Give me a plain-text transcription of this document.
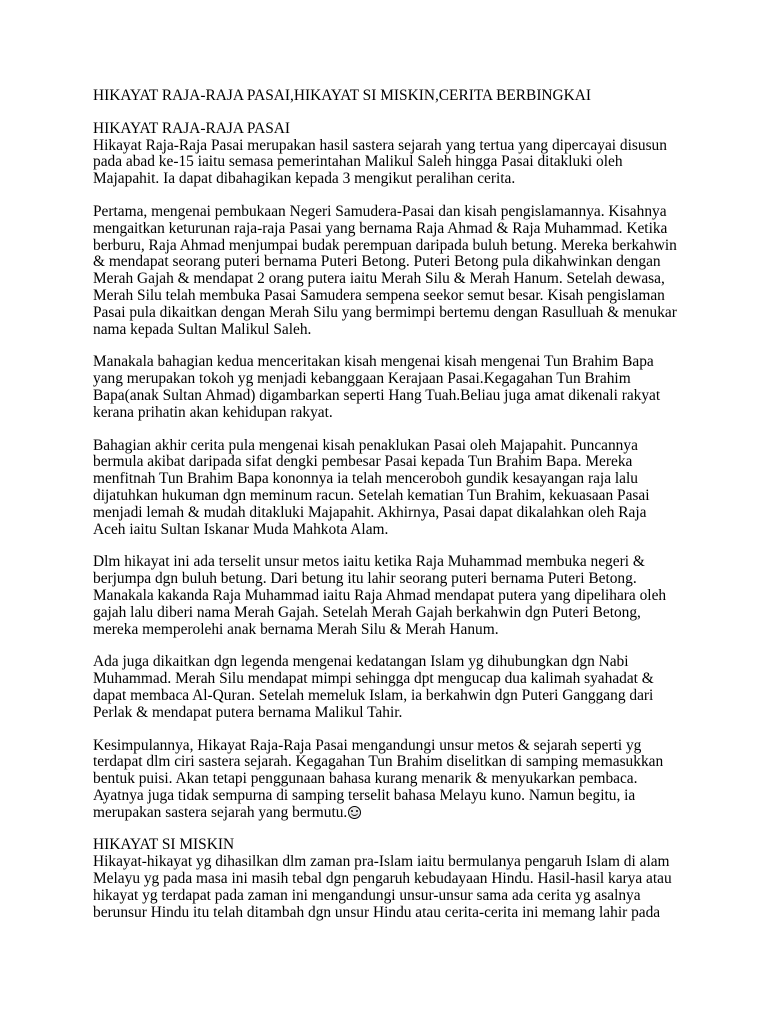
HIKAYAT RAJA-RAJA PASAI,HIKAYAT SI MISKIN,CERITA BERBINGKAI

HIKAYAT RAJA-RAJA PASAI

Hikayat Raja-Raja Pasai merupakan hasil sastera sejarah yang tertua yang dipercayai disusun pada abad ke-15 iaitu semasa pemerintahan Malikul Saleh hingga Pasai ditakluki oleh Majapahit. Ia dapat dibahagikan kepada 3 mengikut peralihan cerita.

Pertama, mengenai pembukaan Negeri Samudera-Pasai dan kisah pengislamannya. Kisahnya mengaitkan keturunan raja-raja Pasai yang bernama Raja Ahmad & Raja Muhammad. Ketika berburu, Raja Ahmad menjumpai budak perempuan daripada buluh betung. Mereka berkahwin & mendapat seorang puteri bernama Puteri Betong. Puteri Betong pula dikahwinkan dengan Merah Gajah & mendapat 2 orang putera iaitu Merah Silu & Merah Hanum. Setelah dewasa, Merah Silu telah membuka Pasai Samudera sempena seekor semut besar. Kisah pengislaman Pasai pula dikaitkan dengan Merah Silu yang bermimpi bertemu dengan Rasulluah & menukar nama kepada Sultan Malikul Saleh.

Manakala bahagian kedua menceritakan kisah mengenai kisah mengenai Tun Brahim Bapa yang merupakan tokoh yg menjadi kebanggaan Kerajaan Pasai.Kegagahan Tun Brahim Bapa(anak Sultan Ahmad) digambarkan seperti Hang Tuah.Beliau juga amat dikenali rakyat kerana prihatin akan kehidupan rakyat.

Bahagian akhir cerita pula mengenai kisah penaklukan Pasai oleh Majapahit. Puncannya bermula akibat daripada sifat dengki pembesar Pasai kepada Tun Brahim Bapa. Mereka menfitnah Tun Brahim Bapa kononnya ia telah menceroboh gundik kesayangan raja lalu dijatuhkan hukuman dgn meminum racun. Setelah kematian Tun Brahim, kekuasaan Pasai menjadi lemah & mudah ditakluki Majapahit. Akhirnya, Pasai dapat dikalahkan oleh Raja Aceh iaitu Sultan Iskanar Muda Mahkota Alam.

Dlm hikayat ini ada terselit unsur metos iaitu ketika Raja Muhammad membuka negeri & berjumpa dgn buluh betung. Dari betung itu lahir seorang puteri bernama Puteri Betong. Manakala kakanda Raja Muhammad iaitu Raja Ahmad mendapat putera yang dipelihara oleh gajah lalu diberi nama Merah Gajah. Setelah Merah Gajah berkahwin dgn Puteri Betong, mereka memperolehi anak bernama Merah Silu & Merah Hanum.

Ada juga dikaitkan dgn legenda mengenai kedatangan Islam yg dihubungkan dgn Nabi Muhammad. Merah Silu mendapat mimpi sehingga dpt mengucap dua kalimah syahadat & dapat membaca Al-Quran. Setelah memeluk Islam, ia berkahwin dgn Puteri Ganggang dari Perlak & mendapat putera bernama Malikul Tahir.

Kesimpulannya, Hikayat Raja-Raja Pasai mengandungi unsur metos & sejarah seperti yg terdapat dlm ciri sastera sejarah. Kegagahan Tun Brahim diselitkan di samping memasukkan bentuk puisi. Akan tetapi penggunaan bahasa kurang menarik & menyukarkan pembaca. Ayatnya juga tidak sempurna di samping terselit bahasa Melayu kuno. Namun begitu, ia merupakan sastera sejarah yang bermutu.

HIKAYAT SI MISKIN

Hikayat-hikayat yg dihasilkan dlm zaman pra-Islam iaitu bermulanya pengaruh Islam di alam Melayu yg pada masa ini masih tebal dgn pengaruh kebudayaan Hindu. Hasil-hasil karya atau hikayat yg terdapat pada zaman ini mengandungi unsur-unsur sama ada cerita yg asalnya berunsur Hindu itu telah ditambah dgn unsur Hindu atau cerita-cerita ini memang lahir pada
